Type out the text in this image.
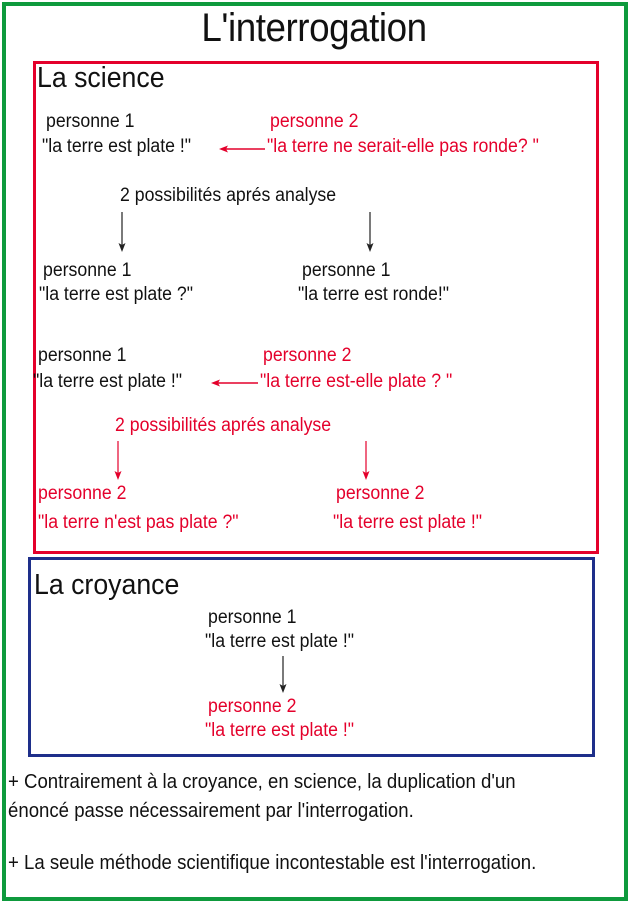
L'interrogation
La science
personne 1
"la terre est plate !"
personne 2
"la terre ne serait-elle pas ronde? "
2 possibilités aprés analyse
personne 1
"la terre est plate ?"
personne 1
"la terre est ronde!"
personne 1
"la terre est plate !"
personne 2
"la terre est-elle plate ? "
2 possibilités aprés analyse
personne 2
"la terre n'est pas plate ?"
personne 2
"la terre est plate !"
La croyance
personne 1
"la terre est plate !"
personne 2
"la terre est plate !"
+ Contrairement à la croyance, en science, la duplication d'un
énoncé passe nécessairement par l'interrogation.
+ La seule méthode scientifique incontestable est l'interrogation.
